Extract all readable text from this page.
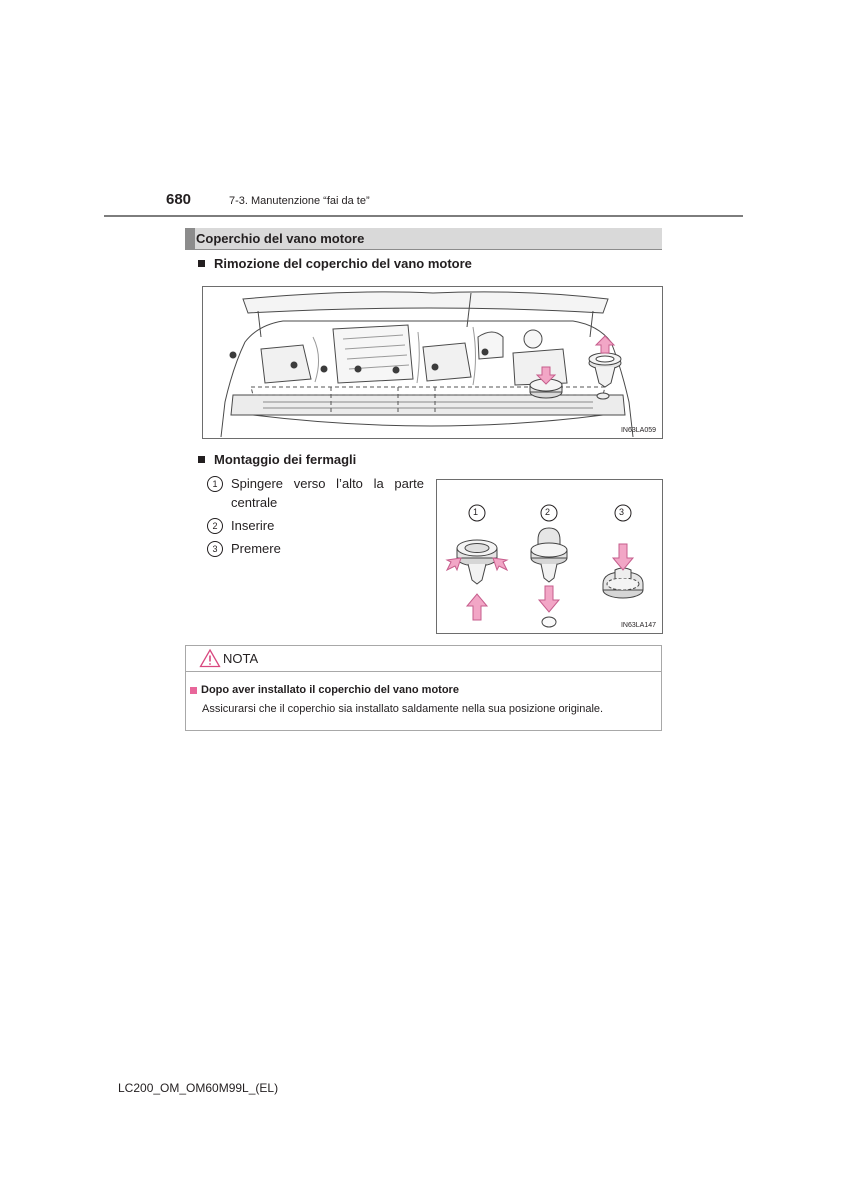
680	7-3. Manutenzione “fai da te”
Coperchio del vano motore
Rimozione del coperchio del vano motore
IN63LA059
Montaggio dei fermagli
1	Spingere verso l’alto la parte centrale
2	Inserire
3	Premere
1	2	3
IN63LA147
NOTA
Dopo aver installato il coperchio del vano motore
Assicurarsi che il coperchio sia installato saldamente nella sua posizione originale.
LC200_OM_OM60M99L_(EL)
